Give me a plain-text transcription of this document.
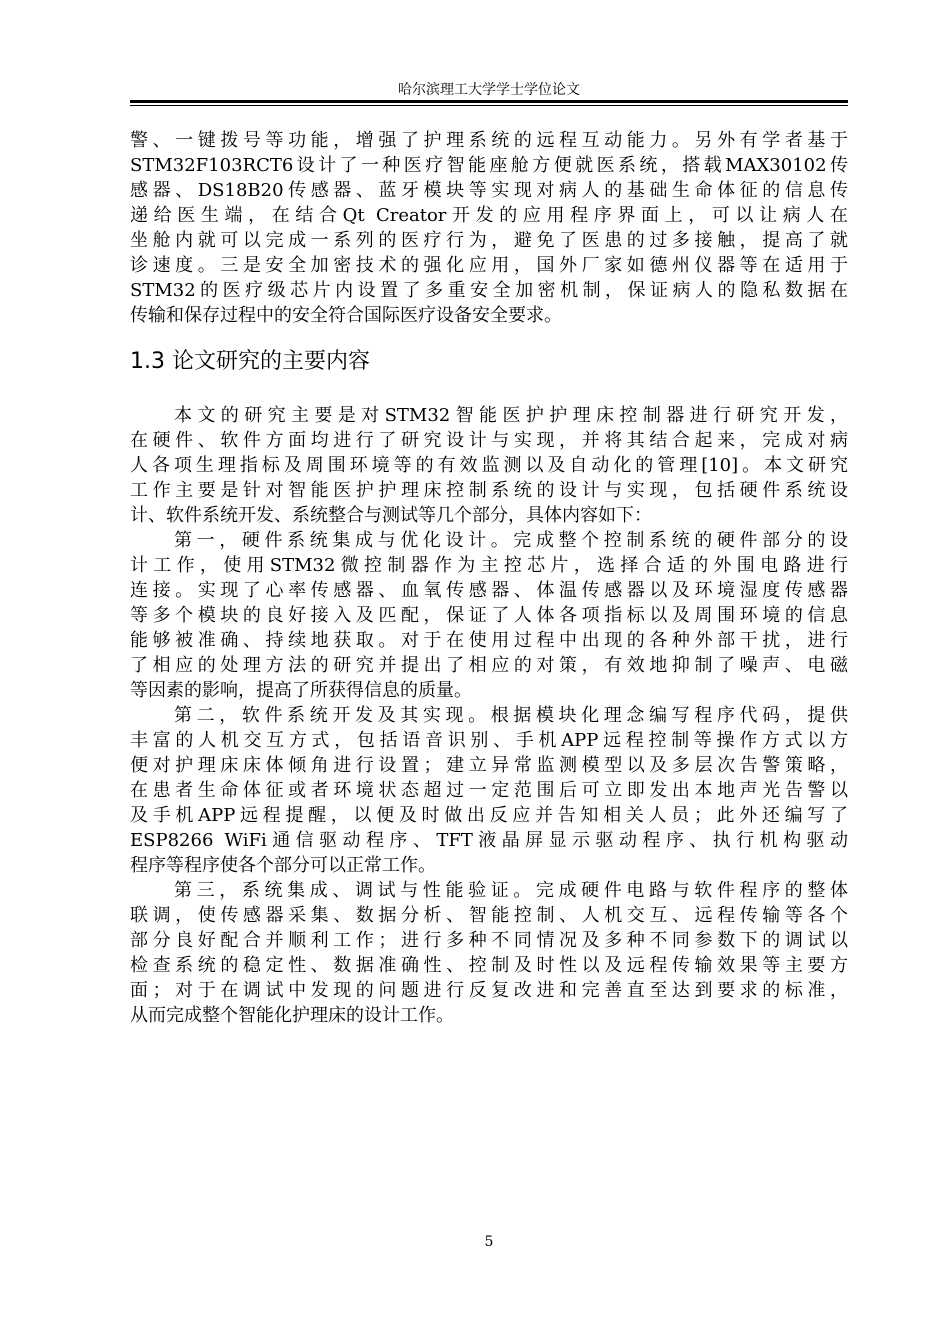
哈尔滨理工大学学士学位论文

警、一键拨号等功能，增强了护理系统的远程互动能力。另外有学者基于
STM32F103RCT6设计了一种医疗智能座舱方便就医系统，搭载MAX30102传
感器、DS18B20传感器、蓝牙模块等实现对病人的基础生命体征的信息传
递给医生端，在结合Qt Creator开发的应用程序界面上，可以让病人在
坐舱内就可以完成一系列的医疗行为，避免了医患的过多接触，提高了就
诊速度。三是安全加密技术的强化应用，国外厂家如德州仪器等在适用于
STM32的医疗级芯片内设置了多重安全加密机制，保证病人的隐私数据在
传输和保存过程中的安全符合国际医疗设备安全要求。

1.3 论文研究的主要内容

本文的研究主要是对STM32智能医护护理床控制器进行研究开发，
在硬件、软件方面均进行了研究设计与实现，并将其结合起来，完成对病
人各项生理指标及周围环境等的有效监测以及自动化的管理[10]。本文研究
工作主要是针对智能医护护理床控制系统的设计与实现，包括硬件系统设
计、软件系统开发、系统整合与测试等几个部分，具体内容如下：

第一，硬件系统集成与优化设计。完成整个控制系统的硬件部分的设
计工作，使用STM32微控制器作为主控芯片，选择合适的外围电路进行
连接。实现了心率传感器、血氧传感器、体温传感器以及环境湿度传感器
等多个模块的良好接入及匹配，保证了人体各项指标以及周围环境的信息
能够被准确、持续地获取。对于在使用过程中出现的各种外部干扰，进行
了相应的处理方法的研究并提出了相应的对策，有效地抑制了噪声、电磁
等因素的影响，提高了所获得信息的质量。

第二，软件系统开发及其实现。根据模块化理念编写程序代码，提供
丰富的人机交互方式，包括语音识别、手机APP远程控制等操作方式以方
便对护理床床体倾角进行设置；建立异常监测模型以及多层次告警策略，
在患者生命体征或者环境状态超过一定范围后可立即发出本地声光告警以
及手机APP远程提醒，以便及时做出反应并告知相关人员；此外还编写了
ESP8266 WiFi通信驱动程序、TFT液晶屏显示驱动程序、执行机构驱动
程序等程序使各个部分可以正常工作。

第三，系统集成、调试与性能验证。完成硬件电路与软件程序的整体
联调，使传感器采集、数据分析、智能控制、人机交互、远程传输等各个
部分良好配合并顺利工作；进行多种不同情况及多种不同参数下的调试以
检查系统的稳定性、数据准确性、控制及时性以及远程传输效果等主要方
面；对于在调试中发现的问题进行反复改进和完善直至达到要求的标准，
从而完成整个智能化护理床的设计工作。

5
